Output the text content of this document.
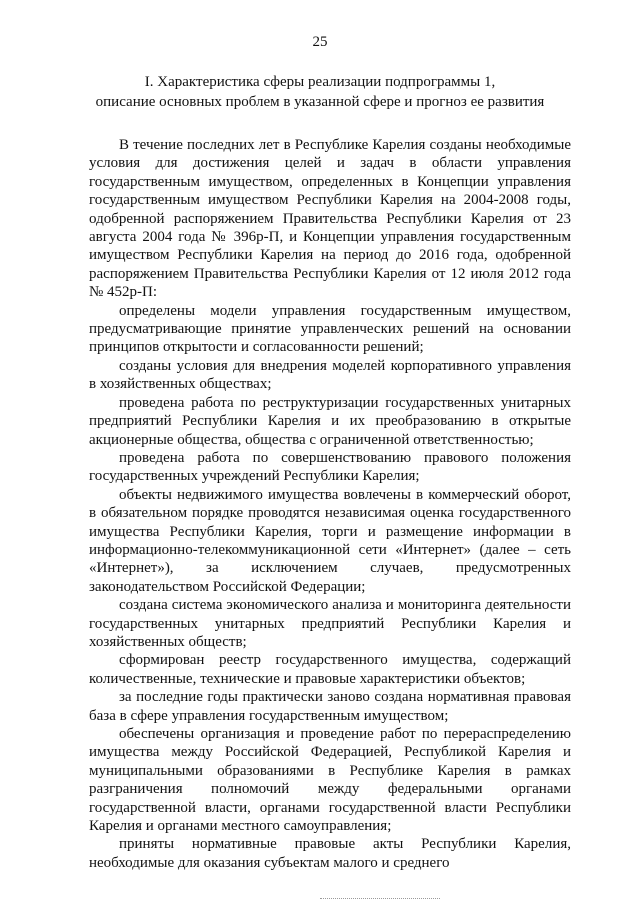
25
I. Характеристика сферы реализации подпрограммы 1,
описание основных проблем в указанной сфере и прогноз ее развития

В течение последних лет в Республике Карелия созданы необходимые условия для достижения целей и задач в области управления государственным имуществом, определенных в Концепции управления государственным имуществом Республики Карелия на 2004-2008 годы, одобренной распоряжением Правительства Республики Карелия от 23 августа 2004 года № 396р-П, и Концепции управления государственным имуществом Республики Карелия на период до 2016 года, одобренной распоряжением Правительства Республики Карелия от 12 июля 2012 года № 452р-П:

определены модели управления государственным имуществом, предусматривающие принятие управленческих решений на основании принципов открытости и согласованности решений;

созданы условия для внедрения моделей корпоративного управления в хозяйственных обществах;

проведена работа по реструктуризации государственных унитарных предприятий Республики Карелия и их преобразованию в открытые акционерные общества, общества с ограниченной ответственностью;

проведена работа по совершенствованию правового положения государственных учреждений Республики Карелия;

объекты недвижимого имущества вовлечены в коммерческий оборот, в обязательном порядке проводятся независимая оценка государственного имущества Республики Карелия, торги и размещение информации в информационно-телекоммуникационной сети «Интернет» (далее – сеть «Интернет»), за исключением случаев, предусмотренных законодательством Российской Федерации;

создана система экономического анализа и мониторинга деятельности государственных унитарных предприятий Республики Карелия и хозяйственных обществ;

сформирован реестр государственного имущества, содержащий количественные, технические и правовые характеристики объектов;

за последние годы практически заново создана нормативная правовая база в сфере управления государственным имуществом;

обеспечены организация и проведение работ по перераспределению имущества между Российской Федерацией, Республикой Карелия и муниципальными образованиями в Республике Карелия в рамках разграничения полномочий между федеральными органами государственной власти, органами государственной власти Республики Карелия и органами местного самоуправления;

приняты нормативные правовые акты Республики Карелия, необходимые для оказания субъектам малого и среднего
